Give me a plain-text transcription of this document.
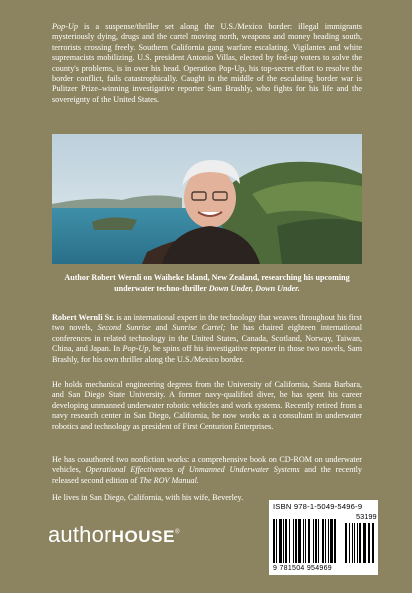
Pop-Up is a suspense/thriller set along the U.S./Mexico border: illegal immigrants mysteriously dying, drugs and the cartel moving north, weapons and money heading south, terrorists crossing freely. Southern California gang warfare escalating. Vigilantes and white supremacists mobilizing. U.S. president Antonio Villas, elected by fed-up voters to solve the county's problems, is in over his head. Operation Pop-Up, his top-secret effort to resolve the border conflict, fails catastrophically. Caught in the middle of the escalating border war is Pulitzer Prize–winning investigative reporter Sam Brashly, who fights for his life and the sovereignty of the United States.

Author Robert Wernli on Waiheke Island, New Zealand, researching his upcoming underwater techno-thriller Down Under, Down Under.

Robert Wernli Sr. is an international expert in the technology that weaves throughout his first two novels, Second Sunrise and Sunrise Cartel; he has chaired eighteen international conferences in related technology in the United States, Canada, Scotland, Norway, Taiwan, China, and Japan. In Pop-Up, he spins off his investigative reporter in those two novels, Sam Brashly, for his own thriller along the U.S./Mexico border.

He holds mechanical engineering degrees from the University of California, Santa Barbara, and San Diego State University. A former navy-qualified diver, he has spent his career developing unmanned underwater robotic vehicles and work systems. Recently retired from a navy research center in San Diego, California, he now works as a consultant in underwater robotics and technology as president of First Centurion Enterprises.

He has coauthored two nonfiction works: a comprehensive book on CD-ROM on underwater vehicles, Operational Effectiveness of Unmanned Underwater Systems and the recently released second edition of The ROV Manual.

He lives in San Diego, California, with his wife, Beverley.

authorHOUSE®
ISBN 978-1-5049-5496-9
53199
9 781504 954969
